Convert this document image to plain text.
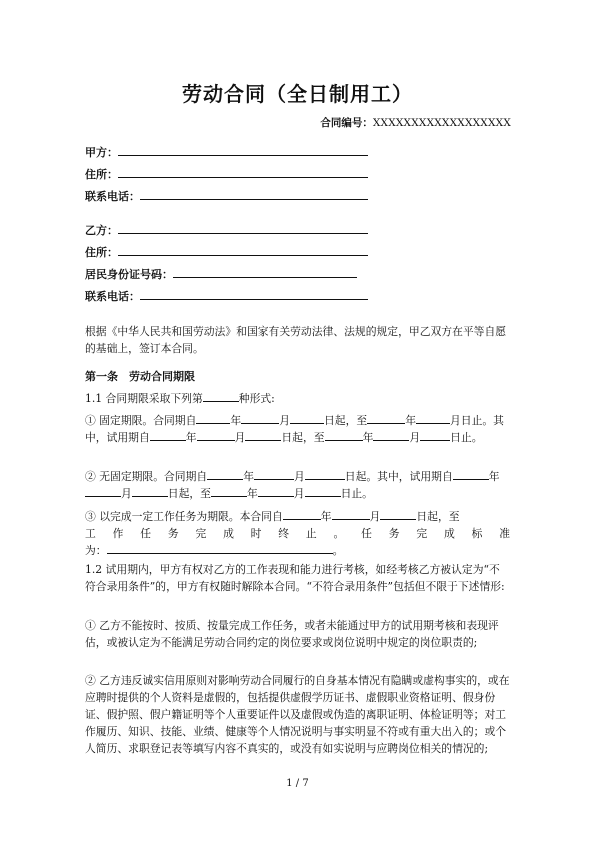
劳动合同（全日制用工）
合同编号：XXXXXXXXXXXXXXXXXX
甲方：
住所：
联系电话：
乙方：
住所：
居民身份证号码：
联系电话：

根据《中华人民共和国劳动法》和国家有关劳动法律、法规的规定，甲乙双方在平等自愿的基础上，签订本合同。

第一条　劳动合同期限

1.1 合同期限采取下列第	种形式:

① 固定期限。合同期自	年	月	日起，至	年	月日止。其中，试用期自	年	月	日起，至	年	月	日止。

② 无固定期限。合同期自	年	月	日起。其中，试用期自	年月	日起，至	年	月	日止。

③ 以完成一定工作任务为期限。本合同自	年	月	日起，至

工 作 任 务 完 成 时 终 止 。 任 务 完 成 标 准

为：	。

1.2 试用期内，甲方有权对乙方的工作表现和能力进行考核，如经考核乙方被认定为“不符合录用条件”的，甲方有权随时解除本合同。“不符合录用条件”包括但不限于下述情形:

① 乙方不能按时、按质、按量完成工作任务，或者未能通过甲方的试用期考核和表现评估，或被认定为不能满足劳动合同约定的岗位要求或岗位说明中规定的岗位职责的;

② 乙方违反诚实信用原则对影响劳动合同履行的自身基本情况有隐瞒或虚构事实的，或在应聘时提供的个人资料是虚假的，包括提供虚假学历证书、虚假职业资格证明、假身份证、假护照、假户籍证明等个人重要证件以及虚假或伪造的离职证明、体检证明等；对工作履历、知识、技能、业绩、健康等个人情况说明与事实明显不符或有重大出入的；或个人简历、求职登记表等填写内容不真实的，或没有如实说明与应聘岗位相关的情况的;

1 / 7
